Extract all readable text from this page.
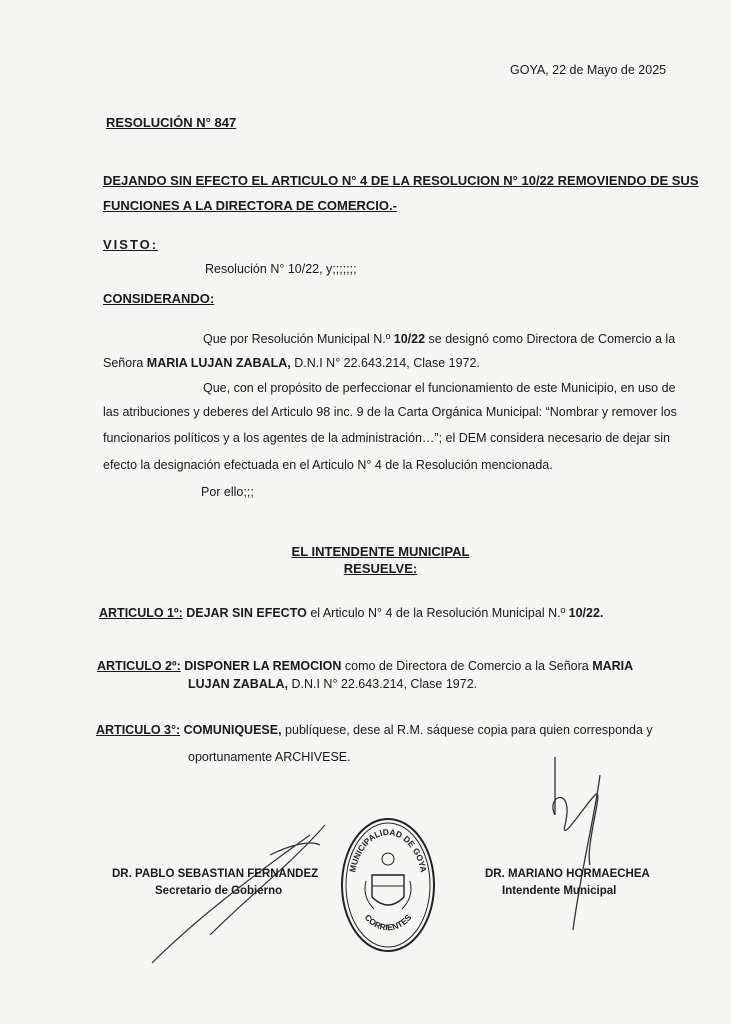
GOYA, 22 de Mayo de 2025
RESOLUCIÓN N° 847
DEJANDO SIN EFECTO EL ARTICULO N° 4 DE LA RESOLUCION N° 10/22 REMOVIENDO DE SUS
FUNCIONES A LA DIRECTORA DE COMERCIO.-
VISTO:
Resolución N° 10/22, y;;;;;;;
CONSIDERANDO:
Que por Resolución Municipal N.º 10/22 se designó como Directora de Comercio a la
Señora MARIA LUJAN ZABALA, D.N.I N° 22.643.214, Clase 1972.
Que, con el propósito de perfeccionar el funcionamiento de este Municipio, en uso de
las atribuciones y deberes del Articulo 98 inc. 9 de la Carta Orgánica Municipal: “Nombrar y remover los
funcionarios políticos y a los agentes de la administración…”; el DEM considera necesario de dejar sin
efecto la designación efectuada en el Articulo N° 4 de la Resolución mencionada.
Por ello;;;
EL INTENDENTE MUNICIPAL
RESUELVE:
ARTICULO 1º: DEJAR SIN EFECTO el Articulo N° 4 de la Resolución Municipal N.º 10/22.
ARTICULO 2º: DISPONER LA REMOCION como de Directora de Comercio a la Señora MARIA
LUJAN ZABALA, D.N.I N° 22.643.214, Clase 1972.
ARTICULO 3°: COMUNIQUESE, publíquese, dese al R.M. sáquese copia para quien corresponda y
oportunamente ARCHIVESE.
DR. PABLO SEBASTIAN FERNANDEZ
Secretario de Gobierno
MUNICIPALIDAD DE GOYA
CORRIENTES
DR. MARIANO HORMAECHEA
Intendente Municipal
